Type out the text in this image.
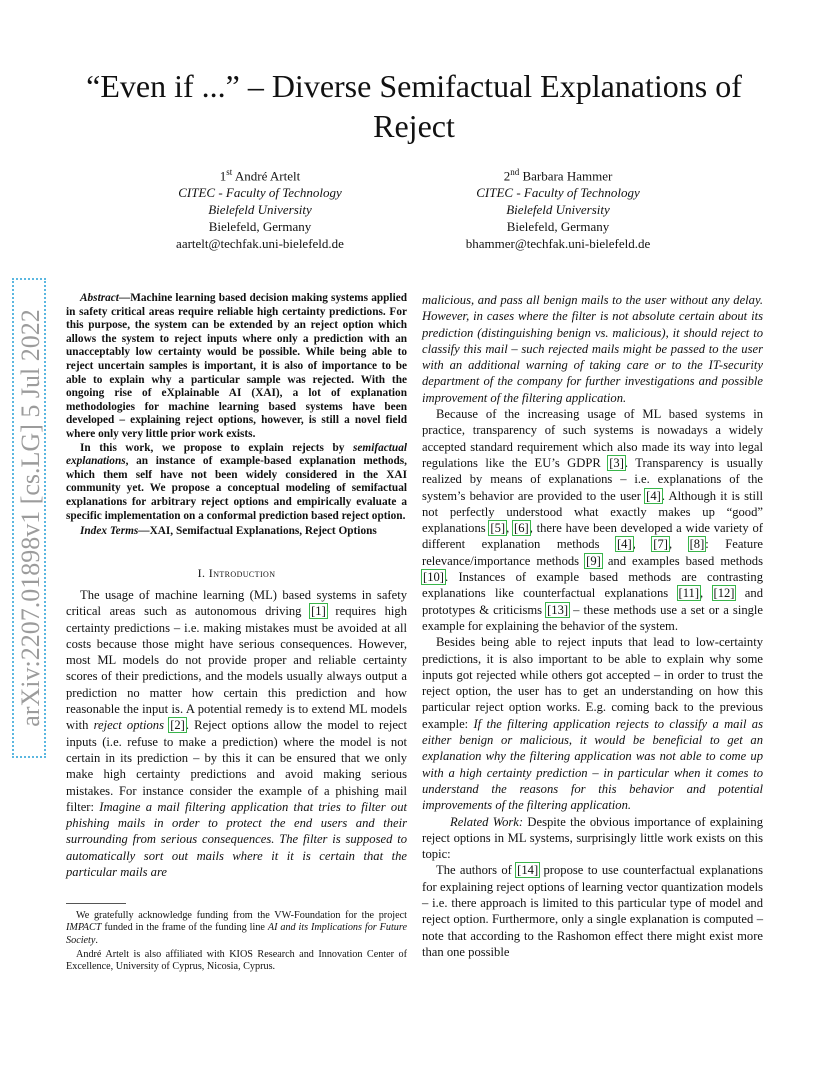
“Even if ...” – Diverse Semifactual Explanations of Reject
1st André Artelt
CITEC - Faculty of Technology
Bielefeld University
Bielefeld, Germany
aartelt@techfak.uni-bielefeld.de
2nd Barbara Hammer
CITEC - Faculty of Technology
Bielefeld University
Bielefeld, Germany
bhammer@techfak.uni-bielefeld.de
arXiv:2207.01898v1 [cs.LG] 5 Jul 2022

Abstract—Machine learning based decision making systems applied in safety critical areas require reliable high certainty predictions. For this purpose, the system can be extended by an reject option which allows the system to reject inputs where only a prediction with an unacceptably low certainty would be possible. While being able to reject uncertain samples is important, it is also of importance to be able to explain why a particular sample was rejected. With the ongoing rise of eXplainable AI (XAI), a lot of explanation methodologies for machine learning based systems have been developed – explaining reject options, however, is still a novel field where only very little prior work exists.

In this work, we propose to explain rejects by semifactual explanations, an instance of example-based explanation methods, which them self have not been widely considered in the XAI community yet. We propose a conceptual modeling of semifactual explanations for arbitrary reject options and empirically evaluate a specific implementation on a conformal prediction based reject option.

Index Terms—XAI, Semifactual Explanations, Reject Options

I. Introduction

The usage of machine learning (ML) based systems in safety critical areas such as autonomous driving [1] requires high certainty predictions – i.e. making mistakes must be avoided at all costs because those might have serious consequences. However, most ML models do not provide proper and reliable certainty scores of their predictions, and the models usually always output a prediction no matter how certain this prediction and how reasonable the input is. A potential remedy is to extend ML models with reject options [2]. Reject options allow the model to reject inputs (i.e. refuse to make a prediction) where the model is not certain in its prediction – by this it can be ensured that we only make high certainty predictions and avoid making serious mistakes. For instance consider the example of a phishing mail filter: Imagine a mail filtering application that tries to filter out phishing mails in order to protect the end users and their surrounding from serious consequences. The filter is supposed to automatically sort out mails where it it is certain that the particular mails are

We gratefully acknowledge funding from the VW-Foundation for the project IMPACT funded in the frame of the funding line AI and its Implications for Future Society.

André Artelt is also affiliated with KIOS Research and Innovation Center of Excellence, University of Cyprus, Nicosia, Cyprus.

malicious, and pass all benign mails to the user without any delay. However, in cases where the filter is not absolute certain about its prediction (distinguishing benign vs. malicious), it should reject to classify this mail – such rejected mails might be passed to the user with an additional warning of taking care or to the IT-security department of the company for further investigations and possible improvement of the filtering application.

Because of the increasing usage of ML based systems in practice, transparency of such systems is nowadays a widely accepted standard requirement which also made its way into legal regulations like the EU’s GDPR [3]. Transparency is usually realized by means of explanations – i.e. explanations of the system’s behavior are provided to the user [4]. Although it is still not perfectly understood what exactly makes up “good” explanations [5], [6], there have been developed a wide variety of different explanation methods [4], [7], [8]: Feature relevance/importance methods [9] and examples based methods [10]. Instances of example based methods are contrasting explanations like counterfactual explanations [11], [12] and prototypes & criticisms [13] – these methods use a set or a single example for explaining the behavior of the system.

Besides being able to reject inputs that lead to low-certainty predictions, it is also important to be able to explain why some inputs got rejected while others got accepted – in order to trust the reject option, the user has to get an understanding on how this particular reject option works. E.g. coming back to the previous example: If the filtering application rejects to classify a mail as either benign or malicious, it would be beneficial to get an explanation why the filtering application was not able to come up with a high certainty prediction – in particular when it comes to understand the reasons for this behavior and potential improvements of the filtering application.

Related Work: Despite the obvious importance of explaining reject options in ML systems, surprisingly little work exists on this topic:

The authors of [14] propose to use counterfactual explanations for explaining reject options of learning vector quantization models – i.e. there approach is limited to this particular type of model and reject option. Furthermore, only a single explanation is computed – note that according to the Rashomon effect there might exist more than one possible
